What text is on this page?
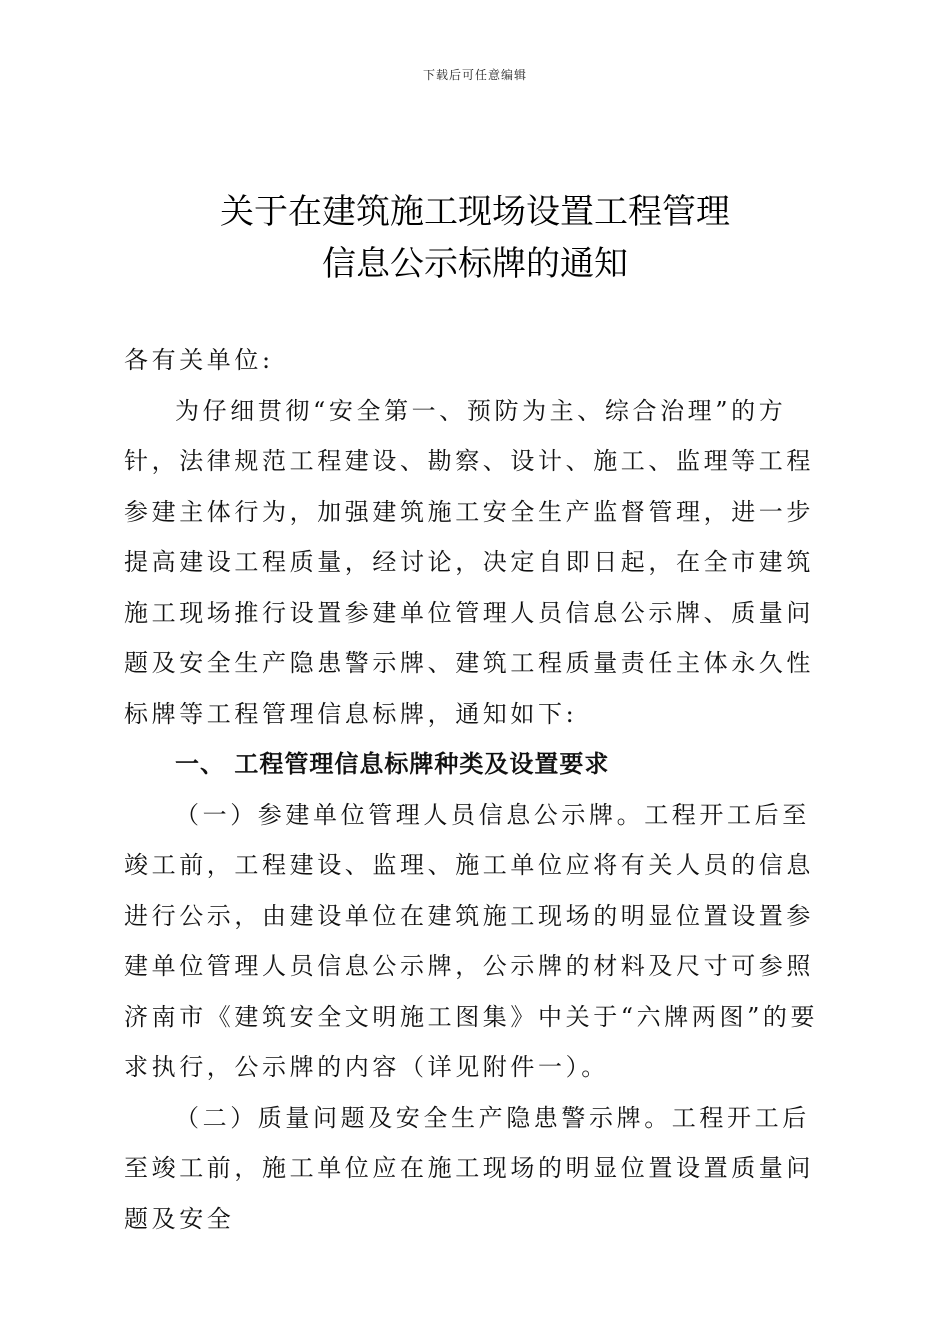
下载后可任意编辑
关于在建筑施工现场设置工程管理

信息公示标牌的通知

各有关单位:

为仔细贯彻“安全第一、预防为主、综合治理”的方针，法律规范工程建设、勘察、设计、施工、监理等工程参建主体行为，加强建筑施工安全生产监督管理，进一步提高建设工程质量，经讨论，决定自即日起，在全市建筑施工现场推行设置参建单位管理人员信息公示牌、质量问题及安全生产隐患警示牌、建筑工程质量责任主体永久性标牌等工程管理信息标牌，通知如下:

一、 工程管理信息标牌种类及设置要求

（一）参建单位管理人员信息公示牌。工程开工后至竣工前，工程建设、监理、施工单位应将有关人员的信息进行公示，由建设单位在建筑施工现场的明显位置设置参建单位管理人员信息公示牌，公示牌的材料及尺寸可参照济南市《建筑安全文明施工图集》中关于“六牌两图”的要求执行，公示牌的内容（详见附件一）。

（二）质量问题及安全生产隐患警示牌。工程开工后至竣工前，施工单位应在施工现场的明显位置设置质量问题及安全
